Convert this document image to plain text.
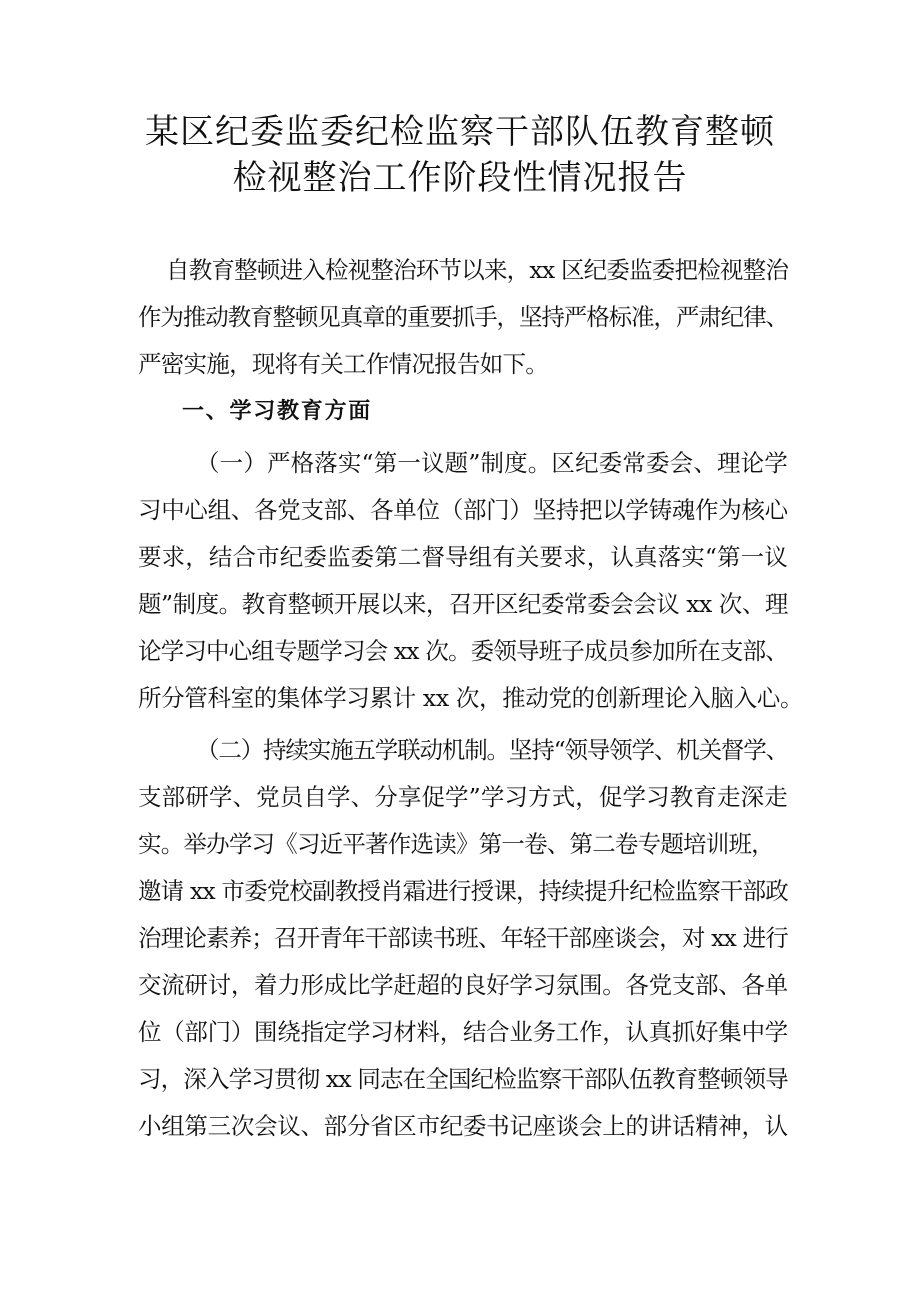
某区纪委监委纪检监察干部队伍教育整顿
检视整治工作阶段性情况报告
自教育整顿进入检视整治环节以来，xx 区纪委监委把检视整治
作为推动教育整顿见真章的重要抓手，坚持严格标准，严肃纪律、
严密实施，现将有关工作情况报告如下。
一、学习教育方面
（一）严格落实“第一议题”制度。区纪委常委会、理论学
习中心组、各党支部、各单位（部门）坚持把以学铸魂作为核心
要求，结合市纪委监委第二督导组有关要求，认真落实“第一议
题”制度。教育整顿开展以来，召开区纪委常委会会议 xx 次、理
论学习中心组专题学习会 xx 次。委领导班子成员参加所在支部、
所分管科室的集体学习累计 xx 次，推动党的创新理论入脑入心。
（二）持续实施五学联动机制。坚持“领导领学、机关督学、
支部研学、党员自学、分享促学”学习方式，促学习教育走深走
实。举办学习《习近平著作选读》第一卷、第二卷专题培训班，
邀请 xx 市委党校副教授肖霜进行授课，持续提升纪检监察干部政
治理论素养；召开青年干部读书班、年轻干部座谈会，对 xx 进行
交流研讨，着力形成比学赶超的良好学习氛围。各党支部、各单
位（部门）围绕指定学习材料，结合业务工作，认真抓好集中学
习，深入学习贯彻 xx 同志在全国纪检监察干部队伍教育整顿领导
小组第三次会议、部分省区市纪委书记座谈会上的讲话精神，认
